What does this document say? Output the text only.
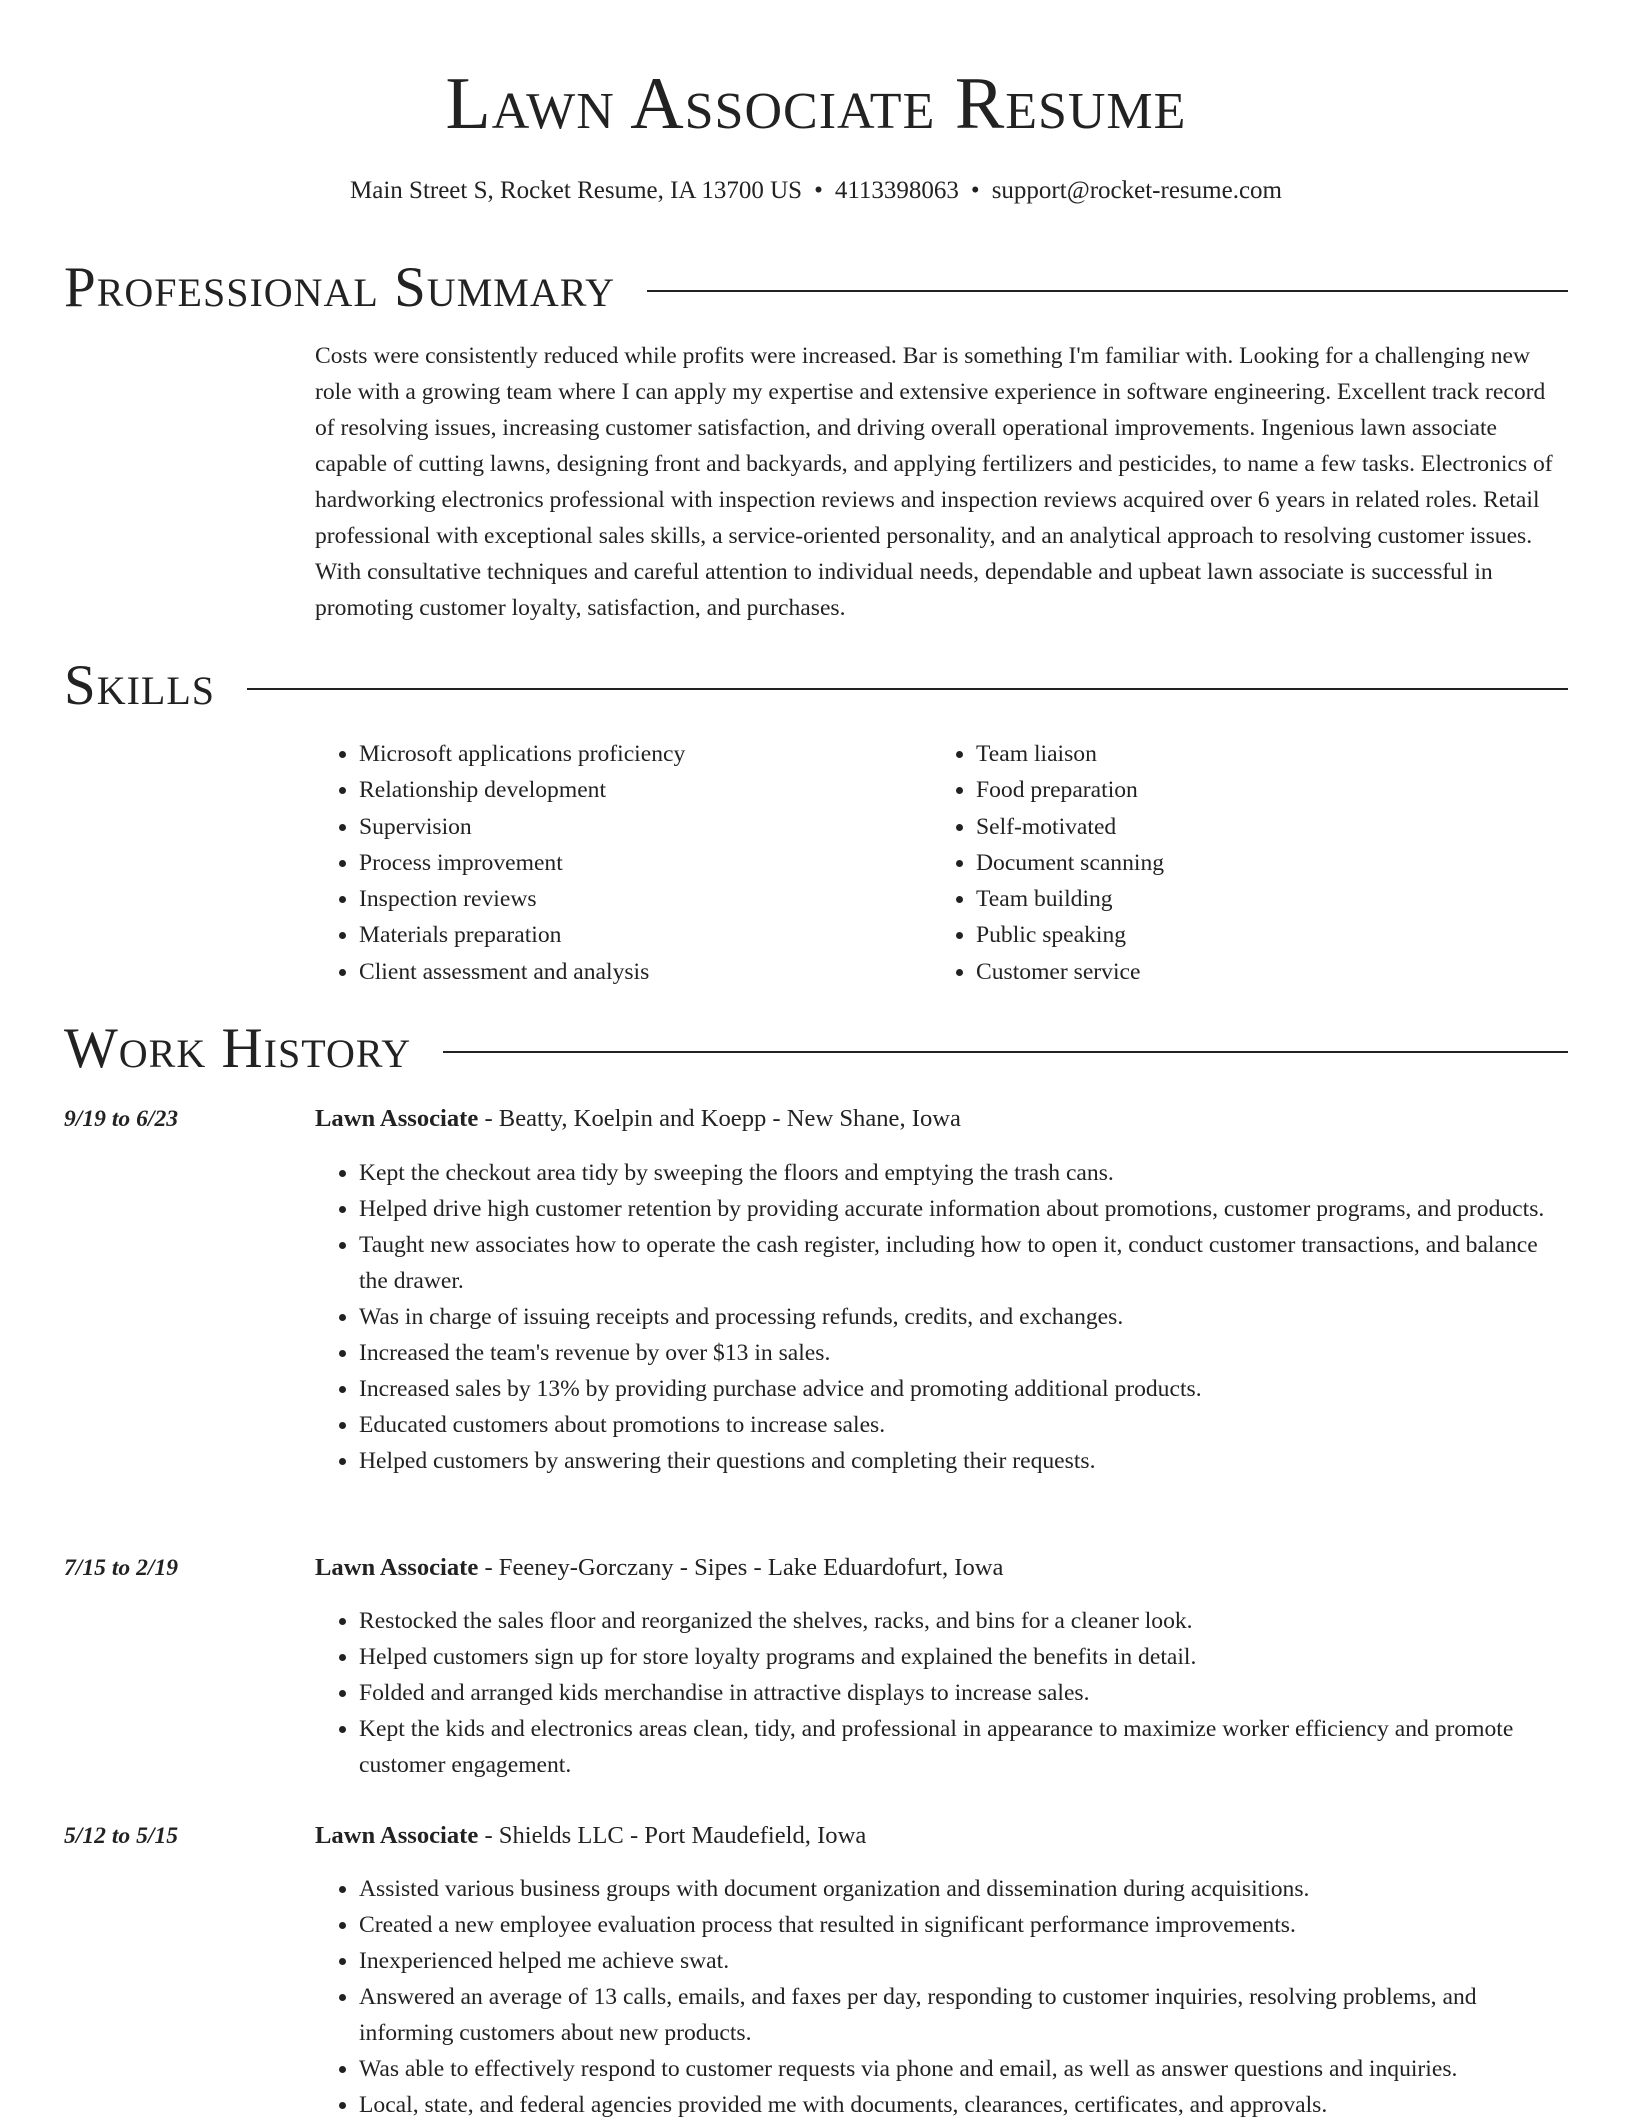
Lawn Associate Resume
Main Street S, Rocket Resume, IA 13700 US • 4113398063 • support@rocket-resume.com
Professional Summary

Costs were consistently reduced while profits were increased. Bar is something I'm familiar with. Looking for a challenging new role with a growing team where I can apply my expertise and extensive experience in software engineering. Excellent track record of resolving issues, increasing customer satisfaction, and driving overall operational improvements. Ingenious lawn associate capable of cutting lawns, designing front and backyards, and applying fertilizers and pesticides, to name a few tasks. Electronics of hardworking electronics professional with inspection reviews and inspection reviews acquired over 6 years in related roles. Retail professional with exceptional sales skills, a service-oriented personality, and an analytical approach to resolving customer issues. With consultative techniques and careful attention to individual needs, dependable and upbeat lawn associate is successful in promoting customer loyalty, satisfaction, and purchases.

Skills
• Microsoft applications proficiency
• Relationship development
• Supervision
• Process improvement
• Inspection reviews
• Materials preparation
• Client assessment and analysis
• Team liaison
• Food preparation
• Self-motivated
• Document scanning
• Team building
• Public speaking
• Customer service
Work History
9/19 to 6/23	Lawn Associate - Beatty, Koelpin and Koepp - New Shane, Iowa
• Kept the checkout area tidy by sweeping the floors and emptying the trash cans.
• Helped drive high customer retention by providing accurate information about promotions, customer programs, and products.
• Taught new associates how to operate the cash register, including how to open it, conduct customer transactions, and balance the drawer.
• Was in charge of issuing receipts and processing refunds, credits, and exchanges.
• Increased the team's revenue by over $13 in sales.
• Increased sales by 13% by providing purchase advice and promoting additional products.
• Educated customers about promotions to increase sales.
• Helped customers by answering their questions and completing their requests.
7/15 to 2/19	Lawn Associate - Feeney-Gorczany - Sipes - Lake Eduardofurt, Iowa
• Restocked the sales floor and reorganized the shelves, racks, and bins for a cleaner look.
• Helped customers sign up for store loyalty programs and explained the benefits in detail.
• Folded and arranged kids merchandise in attractive displays to increase sales.
• Kept the kids and electronics areas clean, tidy, and professional in appearance to maximize worker efficiency and promote customer engagement.
5/12 to 5/15	Lawn Associate - Shields LLC - Port Maudefield, Iowa
• Assisted various business groups with document organization and dissemination during acquisitions.
• Created a new employee evaluation process that resulted in significant performance improvements.
• Inexperienced helped me achieve swat.
• Answered an average of 13 calls, emails, and faxes per day, responding to customer inquiries, resolving problems, and informing customers about new products.
• Was able to effectively respond to customer requests via phone and email, as well as answer questions and inquiries.
• Local, state, and federal agencies provided me with documents, clearances, certificates, and approvals.
